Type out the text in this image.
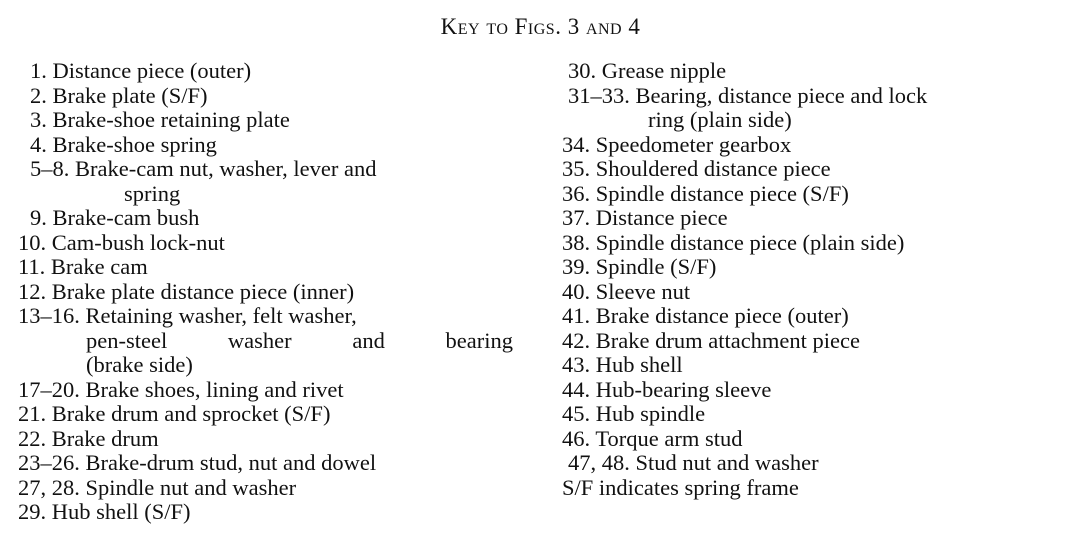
Key to Figs. 3 and 4
1. Distance piece (outer)
2. Brake plate (S/F)
3. Brake-shoe retaining plate
4. Brake-shoe spring
5–8. Brake-cam nut, washer, lever and
spring
9. Brake-cam bush
10. Cam-bush lock-nut
11. Brake cam
12. Brake plate distance piece (inner)
13–16. Retaining washer, felt washer,
pen-steel washer and bearing
(brake side)
17–20. Brake shoes, lining and rivet
21. Brake drum and sprocket (S/F)
22. Brake drum
23–26. Brake-drum stud, nut and dowel
27, 28. Spindle nut and washer
29. Hub shell (S/F)
30. Grease nipple
31–33. Bearing, distance piece and lock
ring (plain side)
34. Speedometer gearbox
35. Shouldered distance piece
36. Spindle distance piece (S/F)
37. Distance piece
38. Spindle distance piece (plain side)
39. Spindle (S/F)
40. Sleeve nut
41. Brake distance piece (outer)
42. Brake drum attachment piece
43. Hub shell
44. Hub-bearing sleeve
45. Hub spindle
46. Torque arm stud
47, 48. Stud nut and washer
S/F indicates spring frame
